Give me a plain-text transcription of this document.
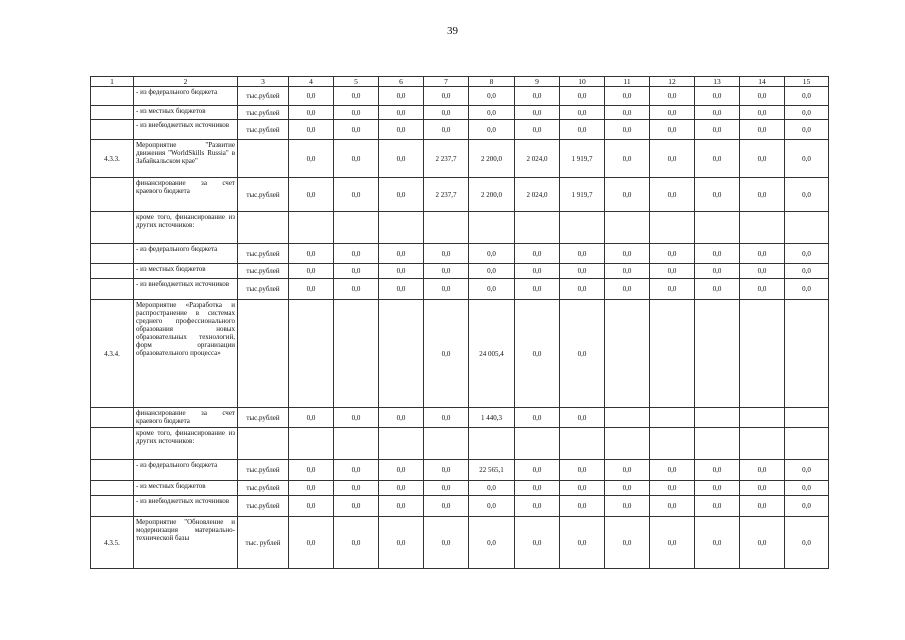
39
1	2	3	4	5	6	7	8	9	10	11	12	13	14	15
	- из федерального бюджета	тыс.рублей	0,0	0,0	0,0	0,0	0,0	0,0	0,0	0,0	0,0	0,0	0,0	0,0
	- из местных бюджетов	тыс.рублей	0,0	0,0	0,0	0,0	0,0	0,0	0,0	0,0	0,0	0,0	0,0	0,0
	- из внебюджетных источников	тыс.рублей	0,0	0,0	0,0	0,0	0,0	0,0	0,0	0,0	0,0	0,0	0,0	0,0
4.3.3.	Мероприятие "Развитие движения "WorldSkills Russia" в Забайкальском крае"		0,0	0,0	0,0	2 237,7	2 200,0	2 024,0	1 919,7	0,0	0,0	0,0	0,0	0,0
	финансирование за счет краевого бюджета	тыс.рублей	0,0	0,0	0,0	2 237,7	2 200,0	2 024,0	1 919,7	0,0	0,0	0,0	0,0	0,0
	кроме того, финансирование из других источников:													
	- из федерального бюджета	тыс.рублей	0,0	0,0	0,0	0,0	0,0	0,0	0,0	0,0	0,0	0,0	0,0	0,0
	- из местных бюджетов	тыс.рублей	0,0	0,0	0,0	0,0	0,0	0,0	0,0	0,0	0,0	0,0	0,0	0,0
	- из внебюджетных источников	тыс.рублей	0,0	0,0	0,0	0,0	0,0	0,0	0,0	0,0	0,0	0,0	0,0	0,0
4.3.4.	Мероприятие «Разработка и распространение в системах среднего профессионального образования новых образовательных технологий, форм организации образовательного процесса»					0,0	24 005,4	0,0	0,0					
	финансирование за счет краевого бюджета	тыс.рублей	0,0	0,0	0,0	0,0	1 440,3	0,0	0,0					
	кроме того, финансирование из других источников:													
	- из федерального бюджета	тыс.рублей	0,0	0,0	0,0	0,0	22 565,1	0,0	0,0	0,0	0,0	0,0	0,0	0,0
	- из местных бюджетов	тыс.рублей	0,0	0,0	0,0	0,0	0,0	0,0	0,0	0,0	0,0	0,0	0,0	0,0
	- из внебюджетных источников	тыс.рублей	0,0	0,0	0,0	0,0	0,0	0,0	0,0	0,0	0,0	0,0	0,0	0,0
4.3.5.	Мероприятие "Обновление и модернизация материально-технической базы	тыс. рублей	0,0	0,0	0,0	0,0	0,0	0,0	0,0	0,0	0,0	0,0	0,0	0,0
